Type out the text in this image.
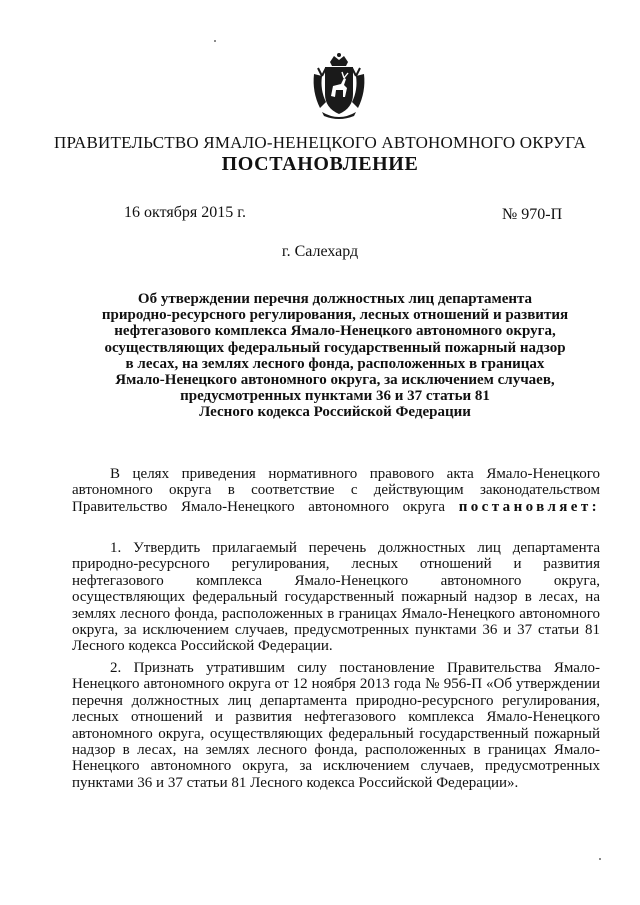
ПРАВИТЕЛЬСТВО ЯМАЛО-НЕНЕЦКОГО АВТОНОМНОГО ОКРУГА
ПОСТАНОВЛЕНИЕ
16 октября 2015 г.	№ 970-П
г. Салехард
Об утверждении перечня должностных лиц департамента
природно-ресурсного регулирования, лесных отношений и развития
нефтегазового комплекса Ямало-Ненецкого автономного округа,
осуществляющих федеральный государственный пожарный надзор
в лесах, на землях лесного фонда, расположенных в границах
Ямало-Ненецкого автономного округа, за исключением случаев,
предусмотренных пунктами 36 и 37 статьи 81
Лесного кодекса Российской Федерации
В целях приведения нормативного правового акта Ямало-Ненецкого
автономного округа в соответствие с действующим законодательством
Правительство Ямало-Ненецкого автономного округа постановляет:
1. Утвердить прилагаемый перечень должностных лиц департамента
природно-ресурсного регулирования, лесных отношений и развития
нефтегазового комплекса Ямало-Ненецкого автономного округа,
осуществляющих федеральный государственный пожарный надзор в лесах, на
землях лесного фонда, расположенных в границах Ямало-Ненецкого автономного
округа, за исключением случаев, предусмотренных пунктами 36 и 37 статьи 81
Лесного кодекса Российской Федерации.
2. Признать утратившим силу постановление Правительства Ямало-
Ненецкого автономного округа от 12 ноября 2013 года № 956-П «Об утверждении
перечня должностных лиц департамента природно-ресурсного регулирования,
лесных отношений и развития нефтегазового комплекса Ямало-Ненецкого
автономного округа, осуществляющих федеральный государственный пожарный
надзор в лесах, на землях лесного фонда, расположенных в границах Ямало-
Ненецкого автономного округа, за исключением случаев, предусмотренных
пунктами 36 и 37 статьи 81 Лесного кодекса Российской Федерации».
